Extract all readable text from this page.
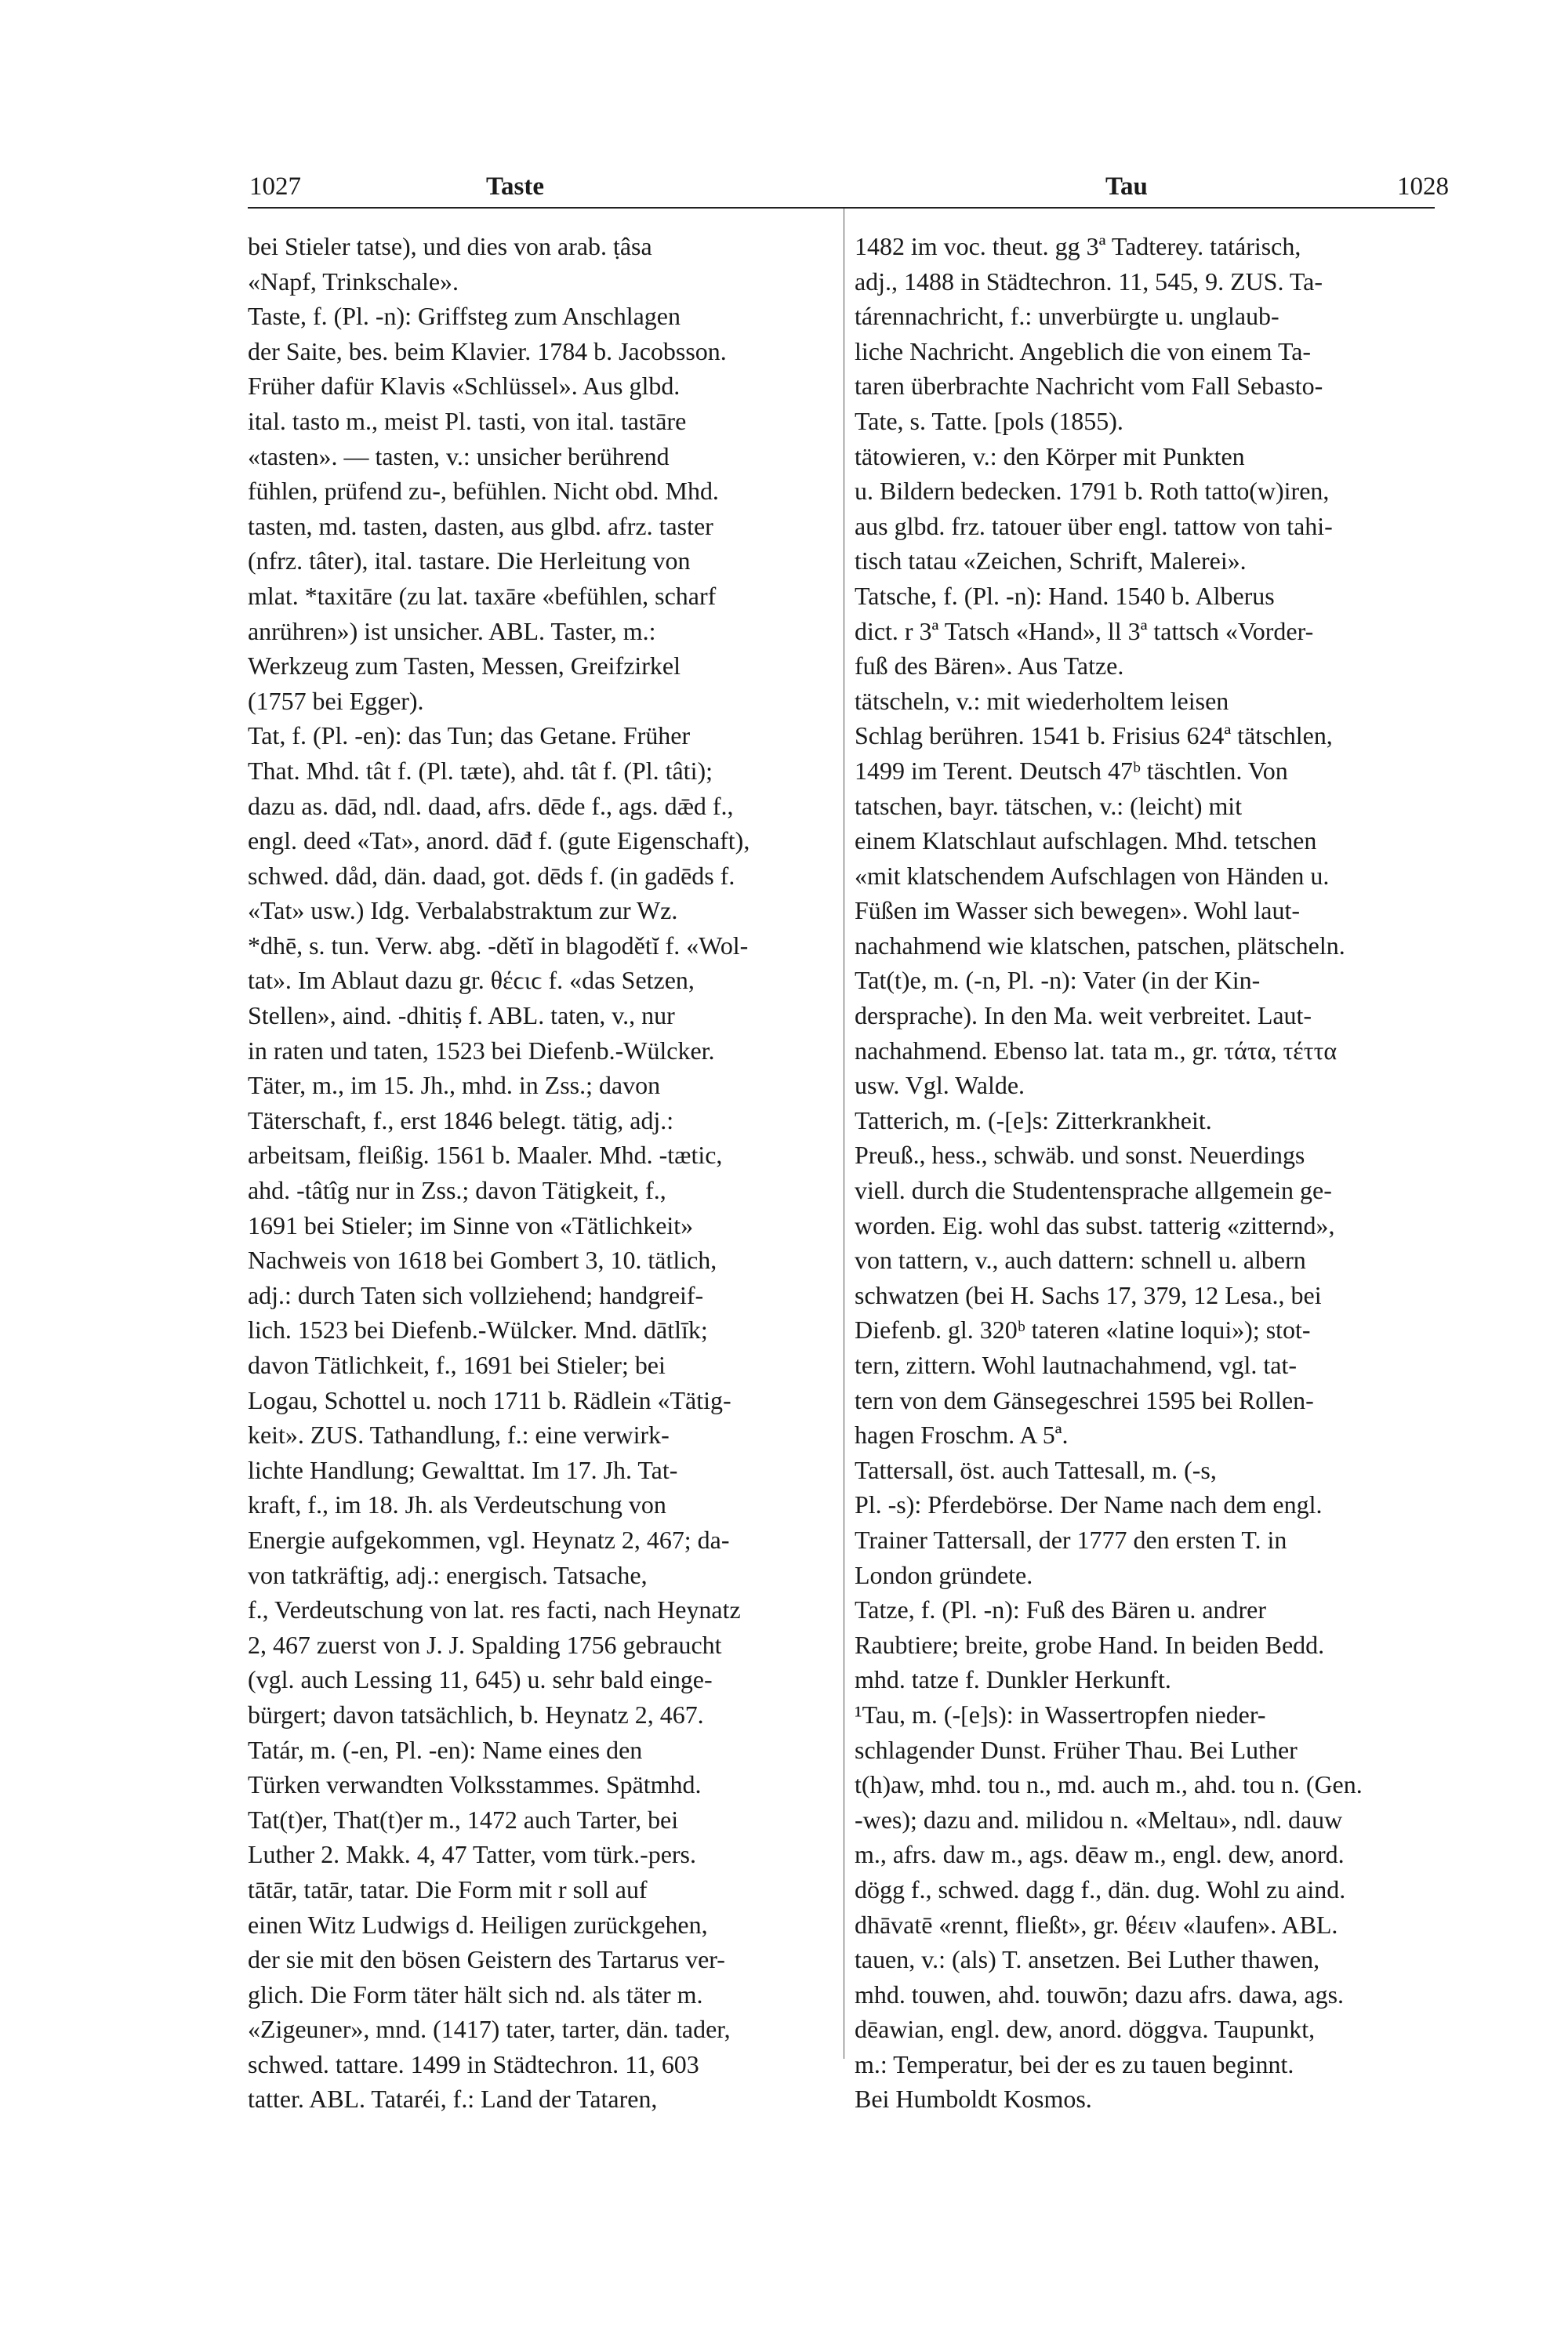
1027	Taste	Tau	1028
bei Stieler tatse), und dies von arab. ṭâsa
«Napf, Trinkschale».
Taste, f. (Pl. -n): Griffsteg zum Anschlagen
der Saite, bes. beim Klavier. 1784 b. Jacobsson.
Früher dafür Klavis «Schlüssel». Aus glbd.
ital. tasto m., meist Pl. tasti, von ital. tastāre
«tasten». — tasten, v.: unsicher berührend
fühlen, prüfend zu-, befühlen. Nicht obd. Mhd.
tasten, md. tasten, dasten, aus glbd. afrz. taster
(nfrz. tâter), ital. tastare. Die Herleitung von
mlat. *taxitāre (zu lat. taxāre «befühlen, scharf
anrühren») ist unsicher. ABL. Taster, m.:
Werkzeug zum Tasten, Messen, Greifzirkel
(1757 bei Egger).
Tat, f. (Pl. -en): das Tun; das Getane. Früher
That. Mhd. tât f. (Pl. tæte), ahd. tât f. (Pl. tâti);
dazu as. dād, ndl. daad, afrs. dēde f., ags. dǣd f.,
engl. deed «Tat», anord. dāđ f. (gute Eigenschaft),
schwed. dåd, dän. daad, got. dēds f. (in gadēds f.
«Tat» usw.) Idg. Verbalabstraktum zur Wz.
*dhē, s. tun. Verw. abg. -dětĭ in blagodětĭ f. «Wol-
tat». Im Ablaut dazu gr. θέϲιϲ f. «das Setzen,
Stellen», aind. -dhitiṣ f. ABL. taten, v., nur
in raten und taten, 1523 bei Diefenb.-Wülcker.
Täter, m., im 15. Jh., mhd. in Zss.; davon
Täterschaft, f., erst 1846 belegt. tätig, adj.:
arbeitsam, fleißig. 1561 b. Maaler. Mhd. -tætic,
ahd. -tâtîg nur in Zss.; davon Tätigkeit, f.,
1691 bei Stieler; im Sinne von «Tätlichkeit»
Nachweis von 1618 bei Gombert 3, 10. tätlich,
adj.: durch Taten sich vollziehend; handgreif-
lich. 1523 bei Diefenb.-Wülcker. Mnd. dātlīk;
davon Tätlichkeit, f., 1691 bei Stieler; bei
Logau, Schottel u. noch 1711 b. Rädlein «Tätig-
keit». ZUS. Tathandlung, f.: eine verwirk-
lichte Handlung; Gewalttat. Im 17. Jh. Tat-
kraft, f., im 18. Jh. als Verdeutschung von
Energie aufgekommen, vgl. Heynatz 2, 467; da-
von tatkräftig, adj.: energisch. Tatsache,
f., Verdeutschung von lat. res facti, nach Heynatz
2, 467 zuerst von J. J. Spalding 1756 gebraucht
(vgl. auch Lessing 11, 645) u. sehr bald einge-
bürgert; davon tatsächlich, b. Heynatz 2, 467.
Tatár, m. (-en, Pl. -en): Name eines den
Türken verwandten Volksstammes. Spätmhd.
Tat(t)er, That(t)er m., 1472 auch Tarter, bei
Luther 2. Makk. 4, 47 Tatter, vom türk.-pers.
tātār, tatār, tatar. Die Form mit r soll auf
einen Witz Ludwigs d. Heiligen zurückgehen,
der sie mit den bösen Geistern des Tartarus ver-
glich. Die Form täter hält sich nd. als täter m.
«Zigeuner», mnd. (1417) tater, tarter, dän. tader,
schwed. tattare. 1499 in Städtechron. 11, 603
tatter. ABL. Tataréi, f.: Land der Tataren,
1482 im voc. theut. gg 3ª Tadterey. tatárisch,
adj., 1488 in Städtechron. 11, 545, 9. ZUS. Ta-
tárennachricht, f.: unverbürgte u. unglaub-
liche Nachricht. Angeblich die von einem Ta-
taren überbrachte Nachricht vom Fall Sebasto-
Tate, s. Tatte. [pols (1855).
tätowieren, v.: den Körper mit Punkten
u. Bildern bedecken. 1791 b. Roth tatto(w)iren,
aus glbd. frz. tatouer über engl. tattow von tahi-
tisch tatau «Zeichen, Schrift, Malerei».
Tatsche, f. (Pl. -n): Hand. 1540 b. Alberus
dict. r 3ª Tatsch «Hand», ll 3ª tattsch «Vorder-
fuß des Bären». Aus Tatze.
tätscheln, v.: mit wiederholtem leisen
Schlag berühren. 1541 b. Frisius 624ª tätschlen,
1499 im Terent. Deutsch 47ᵇ täschtlen. Von
tatschen, bayr. tätschen, v.: (leicht) mit
einem Klatschlaut aufschlagen. Mhd. tetschen
«mit klatschendem Aufschlagen von Händen u.
Füßen im Wasser sich bewegen». Wohl laut-
nachahmend wie klatschen, patschen, plätscheln.
Tat(t)e, m. (-n, Pl. -n): Vater (in der Kin-
dersprache). In den Ma. weit verbreitet. Laut-
nachahmend. Ebenso lat. tata m., gr. τάτα, τέττα
usw. Vgl. Walde.
Tatterich, m. (-[e]s: Zitterkrankheit.
Preuß., hess., schwäb. und sonst. Neuerdings
viell. durch die Studentensprache allgemein ge-
worden. Eig. wohl das subst. tatterig «zitternd»,
von tattern, v., auch dattern: schnell u. albern
schwatzen (bei H. Sachs 17, 379, 12 Lesa., bei
Diefenb. gl. 320ᵇ tateren «latine loqui»); stot-
tern, zittern. Wohl lautnachahmend, vgl. tat-
tern von dem Gänsegeschrei 1595 bei Rollen-
hagen Froschm. A 5ª.
Tattersall, öst. auch Tattesall, m. (-s,
Pl. -s): Pferdebörse. Der Name nach dem engl.
Trainer Tattersall, der 1777 den ersten T. in
London gründete.
Tatze, f. (Pl. -n): Fuß des Bären u. andrer
Raubtiere; breite, grobe Hand. In beiden Bedd.
mhd. tatze f. Dunkler Herkunft.
¹Tau, m. (-[e]s): in Wassertropfen nieder-
schlagender Dunst. Früher Thau. Bei Luther
t(h)aw, mhd. tou n., md. auch m., ahd. tou n. (Gen.
-wes); dazu and. milidou n. «Meltau», ndl. dauw
m., afrs. daw m., ags. dēaw m., engl. dew, anord.
dögg f., schwed. dagg f., dän. dug. Wohl zu aind.
dhāvatē «rennt, fließt», gr. θέειν «laufen». ABL.
tauen, v.: (als) T. ansetzen. Bei Luther thawen,
mhd. touwen, ahd. touwōn; dazu afrs. dawa, ags.
dēawian, engl. dew, anord. döggva. Taupunkt,
m.: Temperatur, bei der es zu tauen beginnt.
Bei Humboldt Kosmos.
